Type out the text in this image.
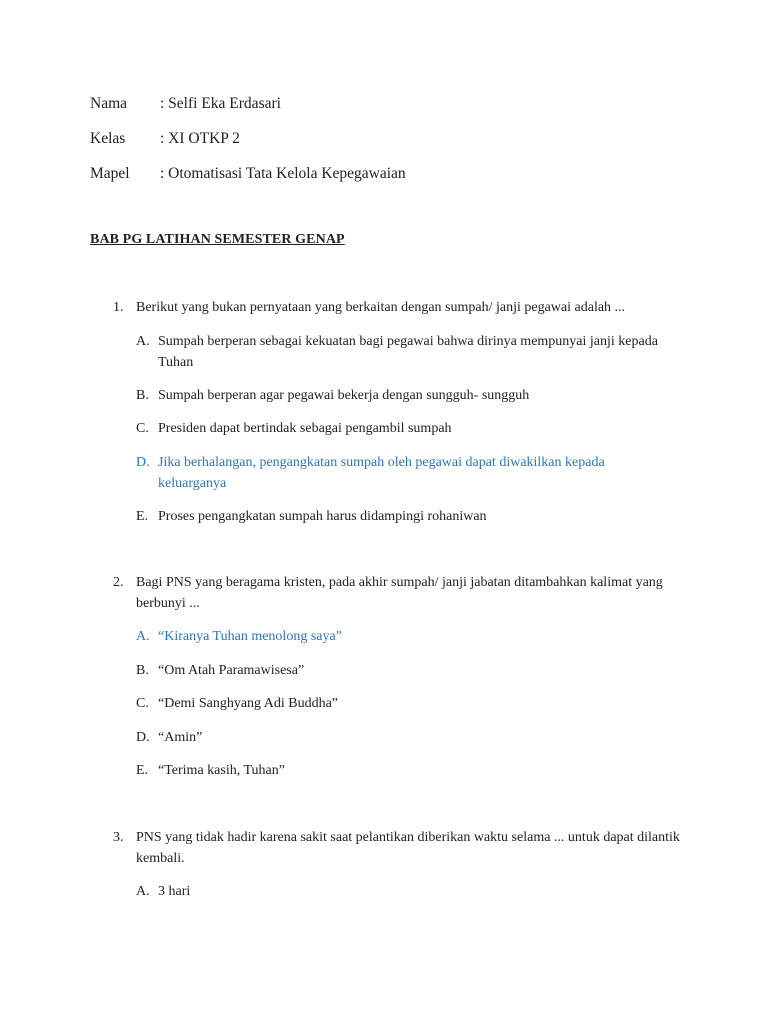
Nama : Selfi Eka Erdasari
Kelas : XI OTKP 2
Mapel : Otomatisasi Tata Kelola Kepegawaian
BAB PG LATIHAN SEMESTER GENAP
1. Berikut yang bukan pernyataan yang berkaitan dengan sumpah/ janji pegawai adalah ...
A. Sumpah berperan sebagai kekuatan bagi pegawai bahwa dirinya mempunyai janji kepada Tuhan
B. Sumpah berperan agar pegawai bekerja dengan sungguh- sungguh
C. Presiden dapat bertindak sebagai pengambil sumpah
D. Jika berhalangan, pengangkatan sumpah oleh pegawai dapat diwakilkan kepada keluarganya
E. Proses pengangkatan sumpah harus didampingi rohaniwan
2. Bagi PNS yang beragama kristen, pada akhir sumpah/ janji jabatan ditambahkan kalimat yang berbunyi ...
A. “Kiranya Tuhan menolong saya”
B. “Om Atah Paramawisesa”
C. “Demi Sanghyang Adi Buddha”
D. “Amin”
E. “Terima kasih, Tuhan”
3. PNS yang tidak hadir karena sakit saat pelantikan diberikan waktu selama ... untuk dapat dilantik kembali.
A. 3 hari
